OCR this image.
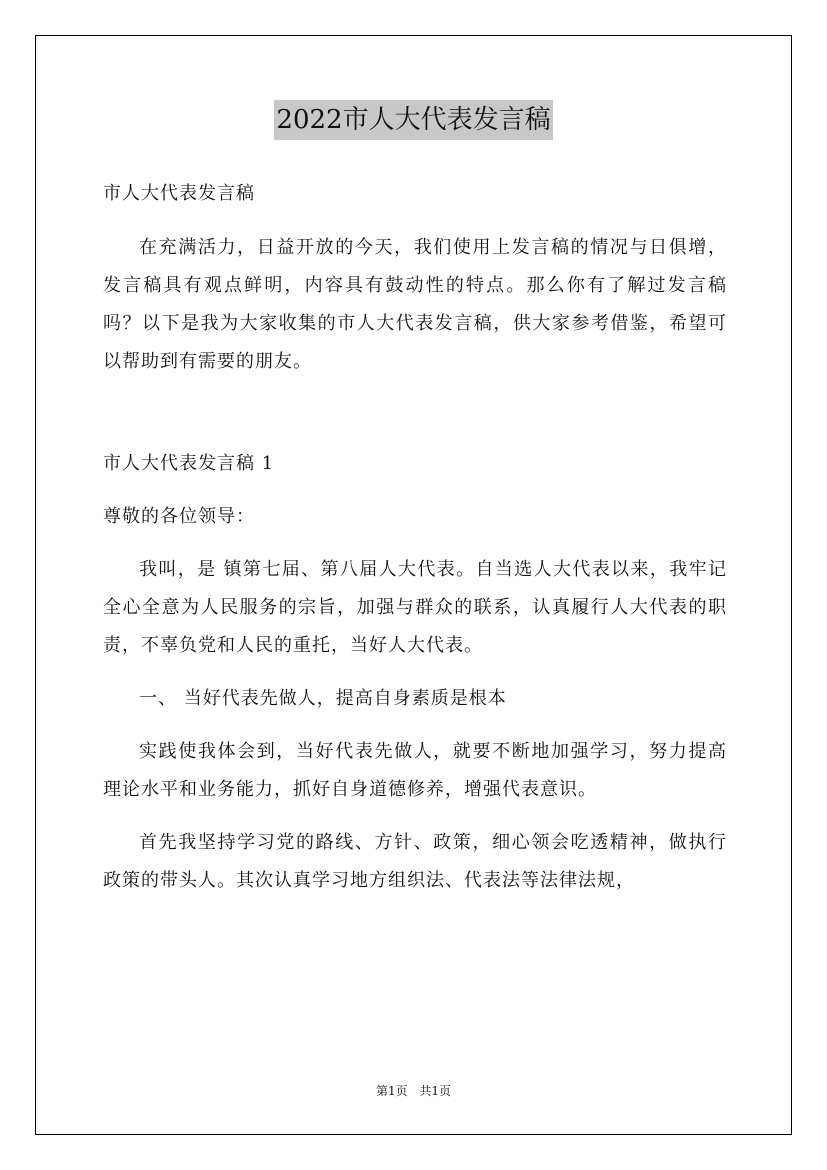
2022市人大代表发言稿

市人大代表发言稿

在充满活力，日益开放的今天，我们使用上发言稿的情况与日俱增，发言稿具有观点鲜明，内容具有鼓动性的特点。那么你有了解过发言稿吗？以下是我为大家收集的市人大代表发言稿，供大家参考借鉴，希望可以帮助到有需要的朋友。

市人大代表发言稿 1

尊敬的各位领导：

我叫，是 镇第七届、第八届人大代表。自当选人大代表以来，我牢记全心全意为人民服务的宗旨，加强与群众的联系，认真履行人大代表的职责，不辜负党和人民的重托，当好人大代表。

一、 当好代表先做人，提高自身素质是根本

实践使我体会到，当好代表先做人，就要不断地加强学习，努力提高理论水平和业务能力，抓好自身道德修养，增强代表意识。

首先我坚持学习党的路线、方针、政策，细心领会吃透精神，做执行政策的带头人。其次认真学习地方组织法、代表法等法律法规，

第1页 共1页
